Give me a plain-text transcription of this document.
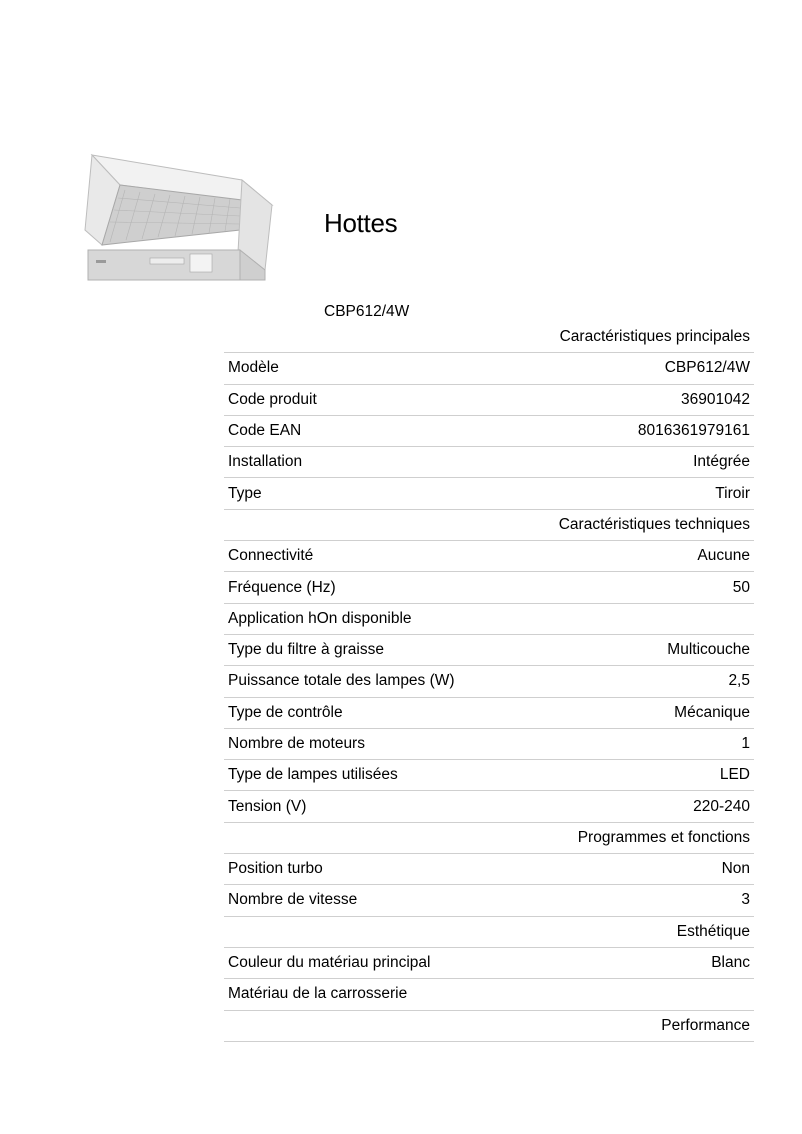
Hottes
CBP612/4W
Caractéristiques principales
Modèle	CBP612/4W
Code produit	36901042
Code EAN	8016361979161
Installation	Intégrée
Type	Tiroir
Caractéristiques techniques
Connectivité	Aucune
Fréquence (Hz)	50
Application hOn disponible
Type du filtre à graisse	Multicouche
Puissance totale des lampes (W)	2,5
Type de contrôle	Mécanique
Nombre de moteurs	1
Type de lampes utilisées	LED
Tension (V)	220-240
Programmes et fonctions
Position turbo	Non
Nombre de vitesse	3
Esthétique
Couleur du matériau principal	Blanc
Matériau de la carrosserie
Performance
